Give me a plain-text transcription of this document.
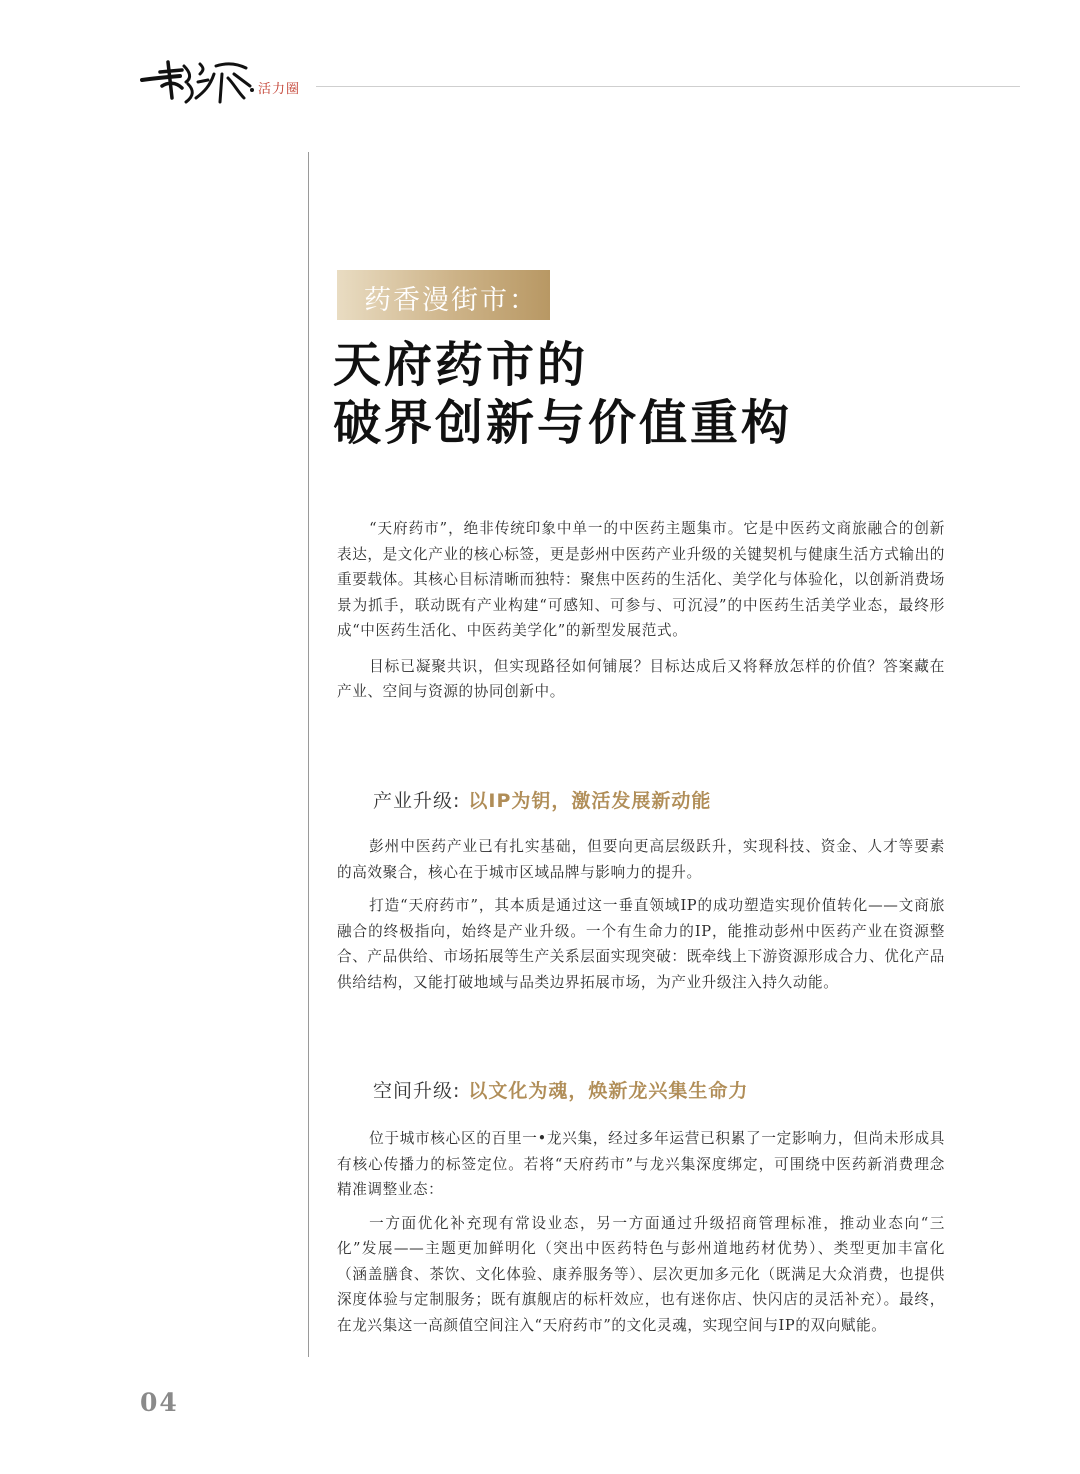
活力圈
药香漫街市：
天府药市的
破界创新与价值重构

“天府药市”，绝非传统印象中单一的中医药主题集市。它是中医药文商旅融合的创新表达，是文化产业的核心标签，更是彭州中医药产业升级的关键契机与健康生活方式输出的重要载体。其核心目标清晰而独特：聚焦中医药的生活化、美学化与体验化，以创新消费场景为抓手，联动既有产业构建“可感知、可参与、可沉浸”的中医药生活美学业态，最终形成“中医药生活化、中医药美学化”的新型发展范式。

目标已凝聚共识，但实现路径如何铺展？目标达成后又将释放怎样的价值？答案藏在产业、空间与资源的协同创新中。

产业升级: 以IP为钥，激活发展新动能

彭州中医药产业已有扎实基础，但要向更高层级跃升，实现科技、资金、人才等要素的高效聚合，核心在于城市区域品牌与影响力的提升。

打造“天府药市”，其本质是通过这一垂直领域IP的成功塑造实现价值转化——文商旅融合的终极指向，始终是产业升级。一个有生命力的IP，能推动彭州中医药产业在资源整合、产品供给、市场拓展等生产关系层面实现突破：既牵线上下游资源形成合力、优化产品供给结构，又能打破地域与品类边界拓展市场，为产业升级注入持久动能。

空间升级: 以文化为魂，焕新龙兴集生命力

位于城市核心区的百里一•龙兴集，经过多年运营已积累了一定影响力，但尚未形成具有核心传播力的标签定位。若将“天府药市”与龙兴集深度绑定，可围绕中医药新消费理念精准调整业态：

一方面优化补充现有常设业态，另一方面通过升级招商管理标准，推动业态向“三化”发展——主题更加鲜明化（突出中医药特色与彭州道地药材优势）、类型更加丰富化（涵盖膳食、茶饮、文化体验、康养服务等）、层次更加多元化（既满足大众消费，也提供深度体验与定制服务；既有旗舰店的标杆效应，也有迷你店、快闪店的灵活补充）。最终，在龙兴集这一高颜值空间注入“天府药市”的文化灵魂，实现空间与IP的双向赋能。

04
